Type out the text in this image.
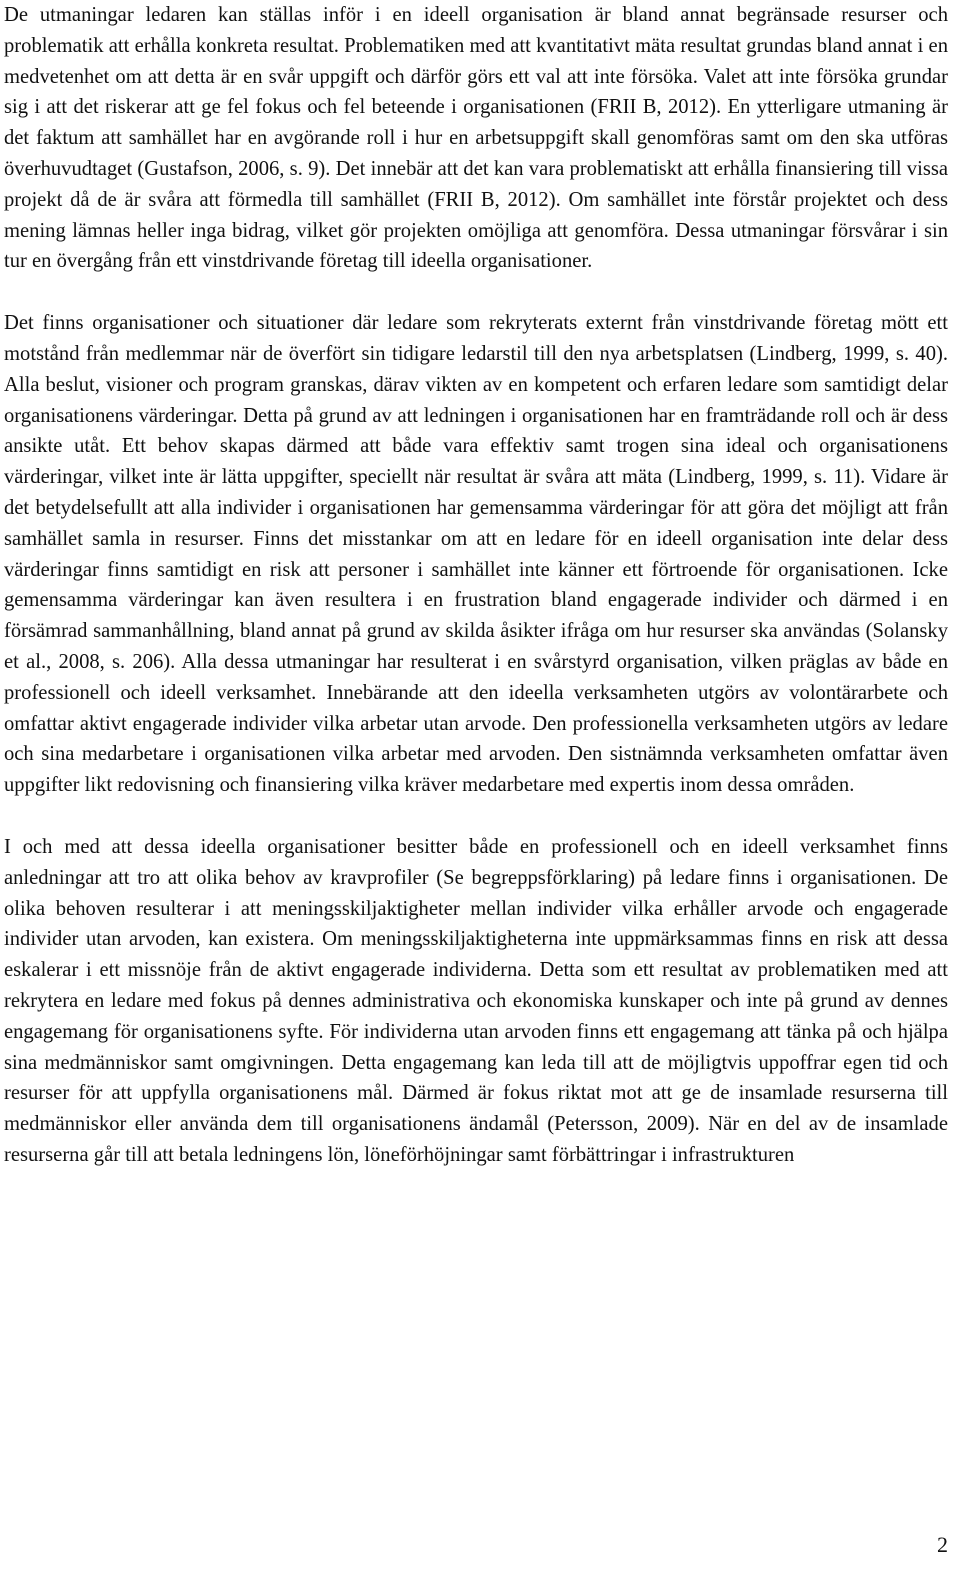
De utmaningar ledaren kan ställas inför i en ideell organisation är bland annat begränsade resurser och problematik att erhålla konkreta resultat. Problematiken med att kvantitativt mäta resultat grundas bland annat i en medvetenhet om att detta är en svår uppgift och därför görs ett val att inte försöka. Valet att inte försöka grundar sig i att det riskerar att ge fel fokus och fel beteende i organisationen (FRII B, 2012). En ytterligare utmaning är det faktum att samhället har en avgörande roll i hur en arbetsuppgift skall genomföras samt om den ska utföras överhuvudtaget (Gustafson, 2006, s. 9). Det innebär att det kan vara problematiskt att erhålla finansiering till vissa projekt då de är svåra att förmedla till samhället (FRII B, 2012). Om samhället inte förstår projektet och dess mening lämnas heller inga bidrag, vilket gör projekten omöjliga att genomföra. Dessa utmaningar försvårar i sin tur en övergång från ett vinstdrivande företag till ideella organisationer.

Det finns organisationer och situationer där ledare som rekryterats externt från vinstdrivande företag mött ett motstånd från medlemmar när de överfört sin tidigare ledarstil till den nya arbetsplatsen (Lindberg, 1999, s. 40). Alla beslut, visioner och program granskas, därav vikten av en kompetent och erfaren ledare som samtidigt delar organisationens värderingar. Detta på grund av att ledningen i organisationen har en framträdande roll och är dess ansikte utåt. Ett behov skapas därmed att både vara effektiv samt trogen sina ideal och organisationens värderingar, vilket inte är lätta uppgifter, speciellt när resultat är svåra att mäta (Lindberg, 1999, s. 11). Vidare är det betydelsefullt att alla individer i organisationen har gemensamma värderingar för att göra det möjligt att från samhället samla in resurser. Finns det misstankar om att en ledare för en ideell organisation inte delar dess värderingar finns samtidigt en risk att personer i samhället inte känner ett förtroende för organisationen. Icke gemensamma värderingar kan även resultera i en frustration bland engagerade individer och därmed i en försämrad sammanhållning, bland annat på grund av skilda åsikter ifråga om hur resurser ska användas (Solansky et al., 2008, s. 206). Alla dessa utmaningar har resulterat i en svårstyrd organisation, vilken präglas av både en professionell och ideell verksamhet. Innebärande att den ideella verksamheten utgörs av volontärarbete och omfattar aktivt engagerade individer vilka arbetar utan arvode. Den professionella verksamheten utgörs av ledare och sina medarbetare i organisationen vilka arbetar med arvoden. Den sistnämnda verksamheten omfattar även uppgifter likt redovisning och finansiering vilka kräver medarbetare med expertis inom dessa områden.

I och med att dessa ideella organisationer besitter både en professionell och en ideell verksamhet finns anledningar att tro att olika behov av kravprofiler (Se begreppsförklaring) på ledare finns i organisationen. De olika behoven resulterar i att meningsskiljaktigheter mellan individer vilka erhåller arvode och engagerade individer utan arvoden, kan existera. Om meningsskiljaktigheterna inte uppmärksammas finns en risk att dessa eskalerar i ett missnöje från de aktivt engagerade individerna. Detta som ett resultat av problematiken med att rekrytera en ledare med fokus på dennes administrativa och ekonomiska kunskaper och inte på grund av dennes engagemang för organisationens syfte. För individerna utan arvoden finns ett engagemang att tänka på och hjälpa sina medmänniskor samt omgivningen. Detta engagemang kan leda till att de möjligtvis uppoffrar egen tid och resurser för att uppfylla organisationens mål. Därmed är fokus riktat mot att ge de insamlade resurserna till medmänniskor eller använda dem till organisationens ändamål (Petersson, 2009). När en del av de insamlade resurserna går till att betala ledningens lön, löneförhöjningar samt förbättringar i infrastrukturen

2
